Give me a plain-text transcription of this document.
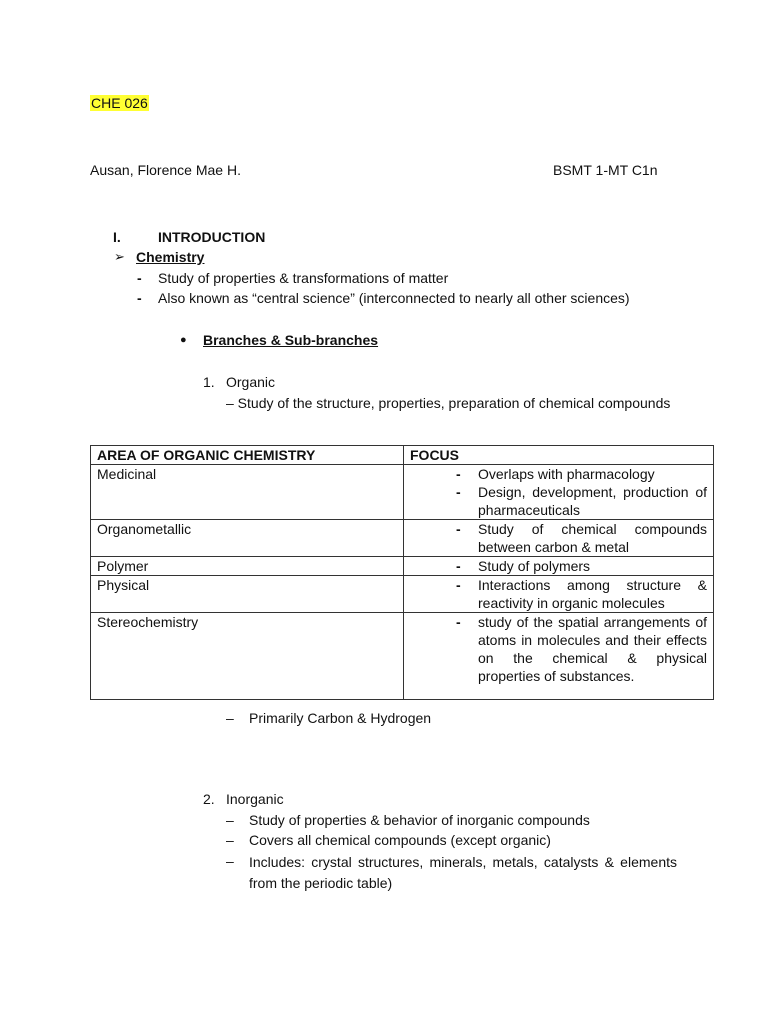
CHE 026
Ausan, Florence Mae H.	BSMT 1-MT C1n
I.	INTRODUCTION
➢ Chemistry
- Study of properties & transformations of matter
- Also known as “central science” (interconnected to nearly all other sciences)
● Branches & Sub-branches
1. Organic
– Study of the structure, properties, preparation of chemical compounds
AREA OF ORGANIC CHEMISTRY	FOCUS
Medicinal	- Overlaps with pharmacology
- Design, development, production of pharmaceuticals

Organometallic	- Study of chemical compounds between carbon & metal

Polymer	- Study of polymers

Physical	- Interactions among structure & reactivity in organic molecules

Stereochemistry	- study of the spatial arrangements of atoms in molecules and their effects on the chemical & physical properties of substances.
– Primarily Carbon & Hydrogen
2. Inorganic
– Study of properties & behavior of inorganic compounds
– Covers all chemical compounds (except organic)
– Includes: crystal structures, minerals, metals, catalysts & elements from the periodic table)
